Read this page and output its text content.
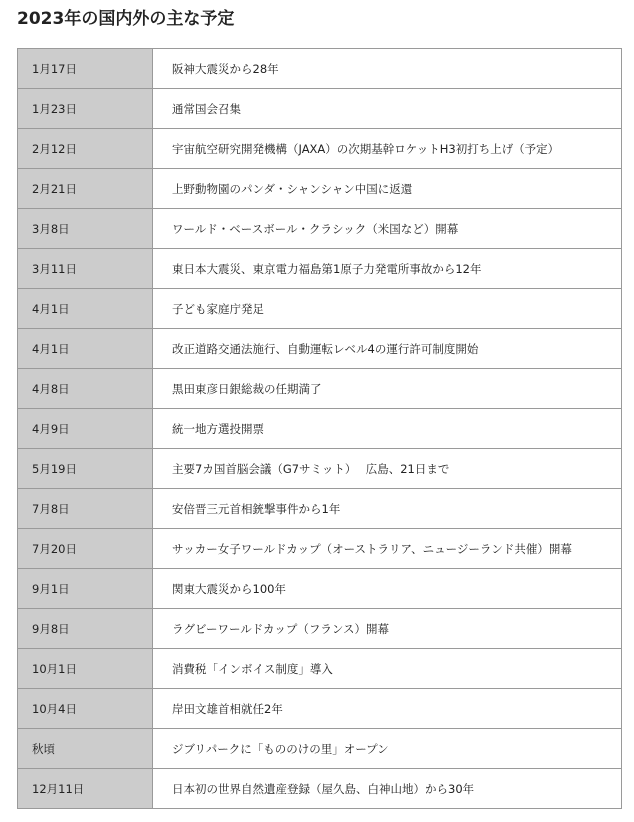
2023年の国内外の主な予定
1月17日	阪神大震災から28年
1月23日	通常国会召集
2月12日	宇宙航空研究開発機構（JAXA）の次期基幹ロケットH3初打ち上げ（予定）
2月21日	上野動物園のパンダ・シャンシャン中国に返還
3月8日	ワールド・ベースボール・クラシック（米国など）開幕
3月11日	東日本大震災、東京電力福島第1原子力発電所事故から12年
4月1日	子ども家庭庁発足
4月1日	改正道路交通法施行、自動運転レベル4の運行許可制度開始
4月8日	黒田東彦日銀総裁の任期満了
4月9日	統一地方選投開票
5月19日	主要7カ国首脳会議（G7サミット）　 広島、21日まで
7月8日	安倍晋三元首相銃撃事件から1年
7月20日	サッカー女子ワールドカップ（オーストラリア、ニュージーランド共催）開幕
9月1日	関東大震災から100年
9月8日	ラグビーワールドカップ（フランス）開幕
10月1日	消費税「インボイス制度」導入
10月4日	岸田文雄首相就任2年
秋頃	ジブリパークに「もののけの里」オープン
12月11日	日本初の世界自然遺産登録（屋久島、白神山地）から30年
